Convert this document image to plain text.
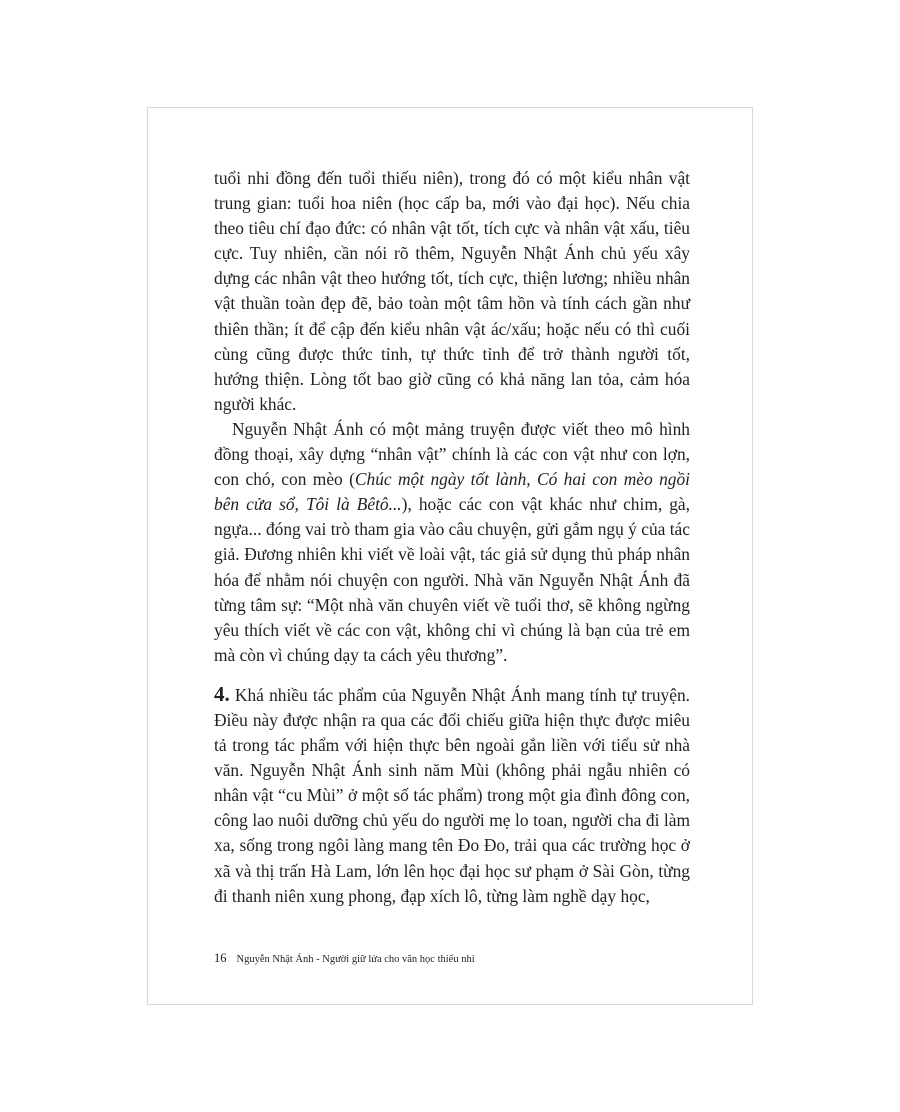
tuổi nhi đồng đến tuổi thiếu niên), trong đó có một kiểu nhân vật trung gian: tuổi hoa niên (học cấp ba, mới vào đại học). Nếu chia theo tiêu chí đạo đức: có nhân vật tốt, tích cực và nhân vật xấu, tiêu cực. Tuy nhiên, cần nói rõ thêm, Nguyễn Nhật Ánh chủ yếu xây dựng các nhân vật theo hướng tốt, tích cực, thiện lương; nhiều nhân vật thuần toàn đẹp đẽ, bảo toàn một tâm hồn và tính cách gần như thiên thần; ít để cập đến kiểu nhân vật ác/xấu; hoặc nếu có thì cuối cùng cũng được thức tỉnh, tự thức tỉnh để trở thành người tốt, hướng thiện. Lòng tốt bao giờ cũng có khả năng lan tỏa, cảm hóa người khác.

Nguyễn Nhật Ánh có một mảng truyện được viết theo mô hình đồng thoại, xây dựng “nhân vật” chính là các con vật như con lợn, con chó, con mèo (Chúc một ngày tốt lành, Có hai con mèo ngồi bên cửa sổ, Tôi là Bêtô...), hoặc các con vật khác như chim, gà, ngựa... đóng vai trò tham gia vào câu chuyện, gửi gắm ngụ ý của tác giả. Đương nhiên khi viết về loài vật, tác giả sử dụng thủ pháp nhân hóa để nhằm nói chuyện con người. Nhà văn Nguyễn Nhật Ánh đã từng tâm sự: “Một nhà văn chuyên viết về tuổi thơ, sẽ không ngừng yêu thích viết về các con vật, không chỉ vì chúng là bạn của trẻ em mà còn vì chúng dạy ta cách yêu thương”.

4. Khá nhiều tác phẩm của Nguyễn Nhật Ánh mang tính tự truyện. Điều này được nhận ra qua các đối chiếu giữa hiện thực được miêu tả trong tác phẩm với hiện thực bên ngoài gắn liền với tiểu sử nhà văn. Nguyễn Nhật Ánh sinh năm Mùi (không phải ngẫu nhiên có nhân vật “cu Mùi” ở một số tác phẩm) trong một gia đình đông con, công lao nuôi dưỡng chủ yếu do người mẹ lo toan, người cha đi làm xa, sống trong ngôi làng mang tên Đo Đo, trải qua các trường học ở xã và thị trấn Hà Lam, lớn lên học đại học sư phạm ở Sài Gòn, từng đi thanh niên xung phong, đạp xích lô, từng làm nghề dạy học,

16 Nguyễn Nhật Ánh - Người giữ lửa cho văn học thiếu nhi
